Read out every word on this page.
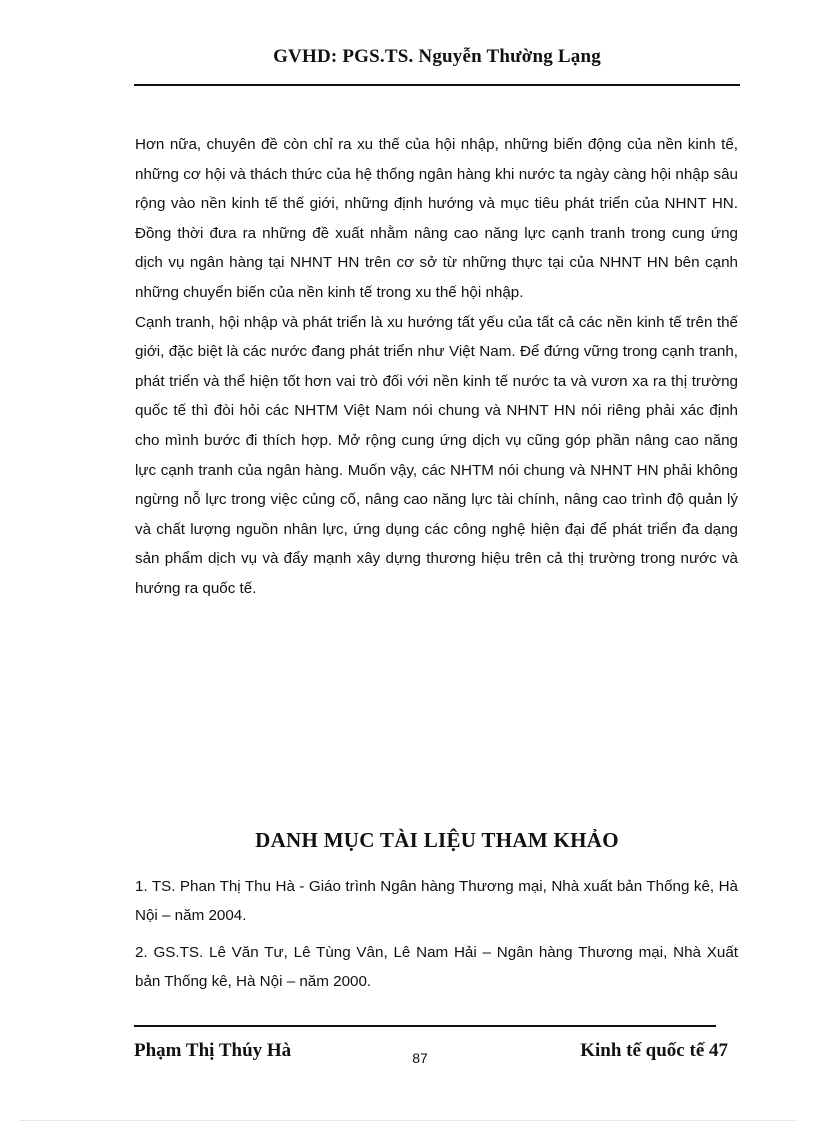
GVHD: PGS.TS. Nguyễn Thường Lạng

Hơn nữa, chuyên đề còn chỉ ra xu thế của hội nhập, những biến động của nền kinh tế, những cơ hội và thách thức của hệ thống ngân hàng khi nước ta ngày càng hội nhập sâu rộng vào nền kinh tế thế giới, những định hướng và mục tiêu phát triển của NHNT HN. Đồng thời đưa ra những đề xuất nhằm nâng cao năng lực cạnh tranh trong cung ứng dịch vụ ngân hàng tại NHNT HN trên cơ sở từ những thực tại của NHNT HN bên cạnh những chuyển biến của nền kinh tế trong xu thế hội nhập.

Cạnh tranh, hội nhập và phát triển là xu hướng tất yếu của tất cả các nền kinh tế trên thế giới, đặc biệt là các nước đang phát triển như Việt Nam. Để đứng vững trong cạnh tranh, phát triển và thể hiện tốt hơn vai trò đối với nền kinh tế nước ta và vươn xa ra thị trường quốc tế thì đòi hỏi các NHTM Việt Nam nói chung và NHNT HN nói riêng phải xác định cho mình bước đi thích hợp. Mở rộng cung ứng dịch vụ cũng góp phần nâng cao năng lực cạnh tranh của ngân hàng. Muốn vậy, các NHTM nói chung và NHNT HN phải không ngừng nỗ lực trong việc củng cố, nâng cao năng lực tài chính, nâng cao trình độ quản lý và chất lượng nguồn nhân lực, ứng dụng các công nghệ hiện đại để phát triển đa dạng sản phẩm dịch vụ và đẩy mạnh xây dựng thương hiệu trên cả thị trường trong nước và hướng ra quốc tế.

DANH MỤC TÀI LIỆU THAM KHẢO

1. TS. Phan Thị Thu Hà - Giáo trình Ngân hàng Thương mại, Nhà xuất bản Thống kê, Hà Nội – năm 2004.

2. GS.TS. Lê Văn Tư, Lê Tùng Vân, Lê Nam Hải – Ngân hàng Thương mại, Nhà Xuất bản Thống kê, Hà Nội – năm 2000.

Phạm Thị Thúy Hà	87	Kinh tế quốc tế 47
